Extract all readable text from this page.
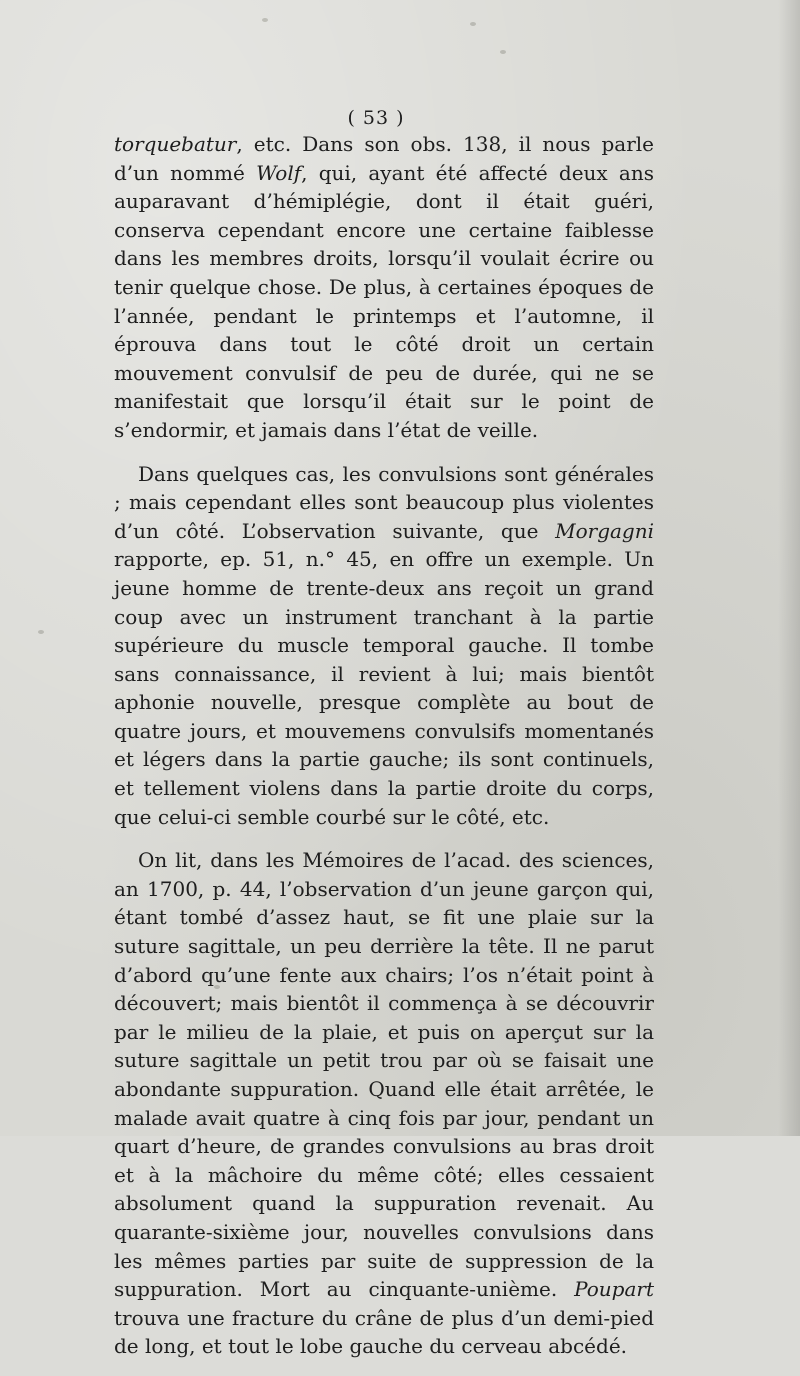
( 53 )

torquebatur, etc. Dans son obs. 138, il nous parle d’un nommé Wolf, qui, ayant été affecté deux ans auparavant d’hémiplégie, dont il était guéri, conserva cependant encore une certaine faiblesse dans les membres droits, lorsqu’il voulait écrire ou tenir quelque chose. De plus, à certaines époques de l’année, pendant le printemps et l’automne, il éprouva dans tout le côté droit un certain mouvement convulsif de peu de durée, qui ne se manifestait que lorsqu’il était sur le point de s’endormir, et jamais dans l’état de veille.

Dans quelques cas, les convulsions sont générales ; mais cependant elles sont beaucoup plus violentes d’un côté. L’observation suivante, que Morgagni rapporte, ep. 51, n.° 45, en offre un exemple. Un jeune homme de trente-deux ans reçoit un grand coup avec un instrument tranchant à la partie supérieure du muscle temporal gauche. Il tombe sans connaissance, il revient à lui; mais bientôt aphonie nouvelle, presque complète au bout de quatre jours, et mouvemens convulsifs momentanés et légers dans la partie gauche; ils sont continuels, et tellement violens dans la partie droite du corps, que celui-ci semble courbé sur le côté, etc.

On lit, dans les Mémoires de l’acad. des sciences, an 1700, p. 44, l’observation d’un jeune garçon qui, étant tombé d’assez haut, se fit une plaie sur la suture sagittale, un peu derrière la tête. Il ne parut d’abord qu’une fente aux chairs; l’os n’était point à découvert; mais bientôt il commença à se découvrir par le milieu de la plaie, et puis on aperçut sur la suture sagittale un petit trou par où se faisait une abondante suppuration. Quand elle était arrêtée, le malade avait quatre à cinq fois par jour, pendant un quart d’heure, de grandes convulsions au bras droit et à la mâchoire du même côté; elles cessaient absolument quand la suppuration revenait. Au quarante-sixième jour, nouvelles convulsions dans les mêmes parties par suite de suppression de la suppuration. Mort au cinquante-unième. Poupart trouva une fracture du crâne de plus d’un demi-pied de long, et tout le lobe gauche du cerveau abcédé.
